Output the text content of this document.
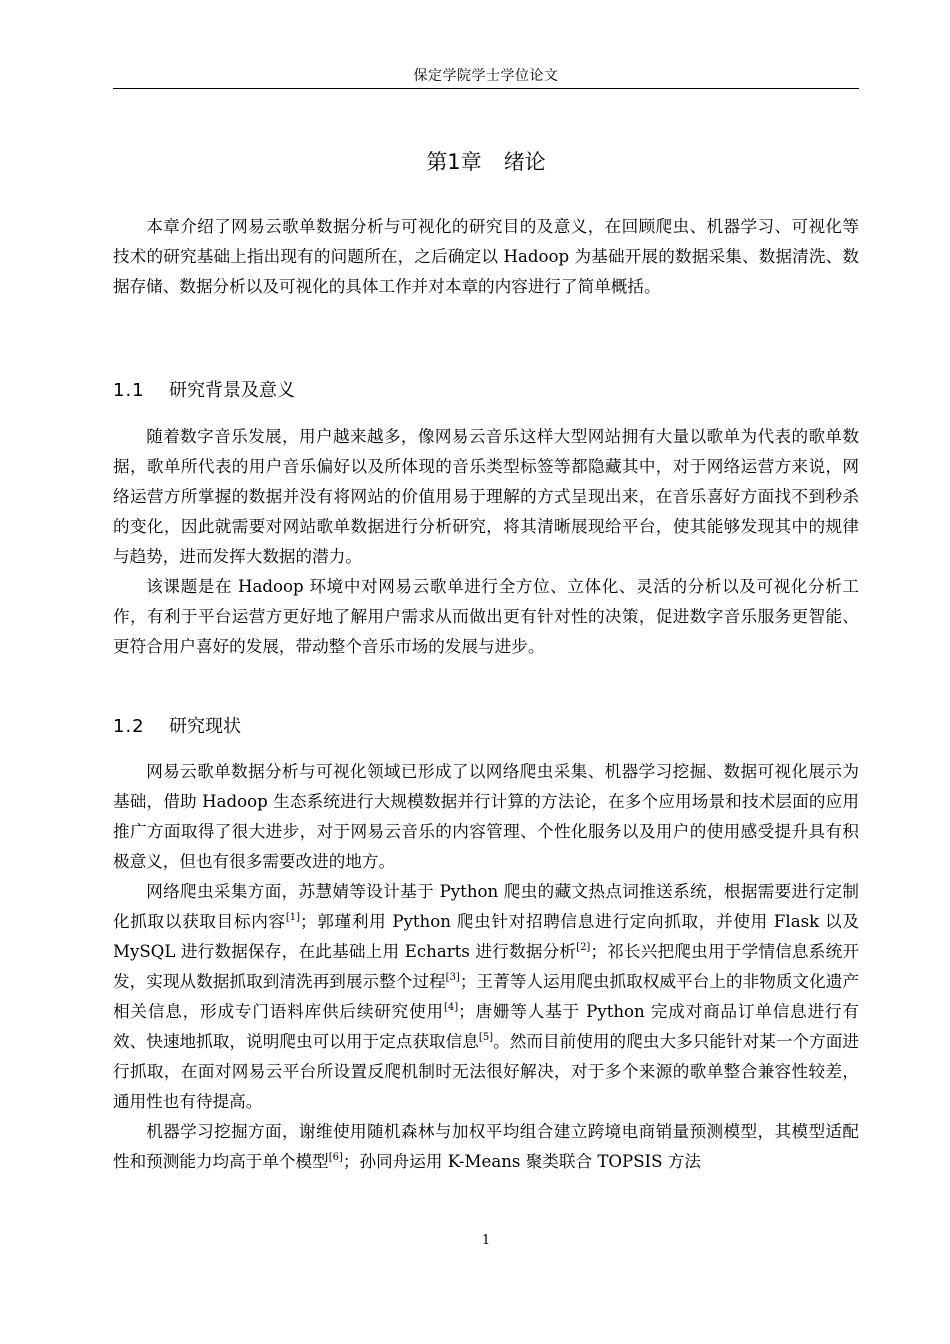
保定学院学士学位论文
第1章 绪论

本章介绍了网易云歌单数据分析与可视化的研究目的及意义，在回顾爬虫、机器学习、可视化等技术的研究基础上指出现有的问题所在，之后确定以 Hadoop 为基础开展的数据采集、数据清洗、数据存储、数据分析以及可视化的具体工作并对本章的内容进行了简单概括。

1.1 研究背景及意义

随着数字音乐发展，用户越来越多，像网易云音乐这样大型网站拥有大量以歌单为代表的歌单数据，歌单所代表的用户音乐偏好以及所体现的音乐类型标签等都隐藏其中，对于网络运营方来说，网络运营方所掌握的数据并没有将网站的价值用易于理解的方式呈现出来，在音乐喜好方面找不到秒杀的变化，因此就需要对网站歌单数据进行分析研究，将其清晰展现给平台，使其能够发现其中的规律与趋势，进而发挥大数据的潜力。

该课题是在 Hadoop 环境中对网易云歌单进行全方位、立体化、灵活的分析以及可视化分析工作，有利于平台运营方更好地了解用户需求从而做出更有针对性的决策，促进数字音乐服务更智能、更符合用户喜好的发展，带动整个音乐市场的发展与进步。

1.2 研究现状

网易云歌单数据分析与可视化领域已形成了以网络爬虫采集、机器学习挖掘、数据可视化展示为基础，借助 Hadoop 生态系统进行大规模数据并行计算的方法论，在多个应用场景和技术层面的应用推广方面取得了很大进步，对于网易云音乐的内容管理、个性化服务以及用户的使用感受提升具有积极意义，但也有很多需要改进的地方。

网络爬虫采集方面，苏慧婧等设计基于 Python 爬虫的藏文热点词推送系统，根据需要进行定制化抓取以获取目标内容[1]；郭瑾利用 Python 爬虫针对招聘信息进行定向抓取，并使用 Flask 以及 MySQL 进行数据保存，在此基础上用 Echarts 进行数据分析[2]；祁长兴把爬虫用于学情信息系统开发，实现从数据抓取到清洗再到展示整个过程[3]；王菁等人运用爬虫抓取权威平台上的非物质文化遗产相关信息，形成专门语料库供后续研究使用[4]；唐姗等人基于 Python 完成对商品订单信息进行有效、快速地抓取，说明爬虫可以用于定点获取信息[5]。然而目前使用的爬虫大多只能针对某一个方面进行抓取，在面对网易云平台所设置反爬机制时无法很好解决，对于多个来源的歌单整合兼容性较差，通用性也有待提高。

机器学习挖掘方面，谢维使用随机森林与加权平均组合建立跨境电商销量预测模型，其模型适配性和预测能力均高于单个模型[6]；孙同舟运用 K-Means 聚类联合 TOPSIS 方法

1
